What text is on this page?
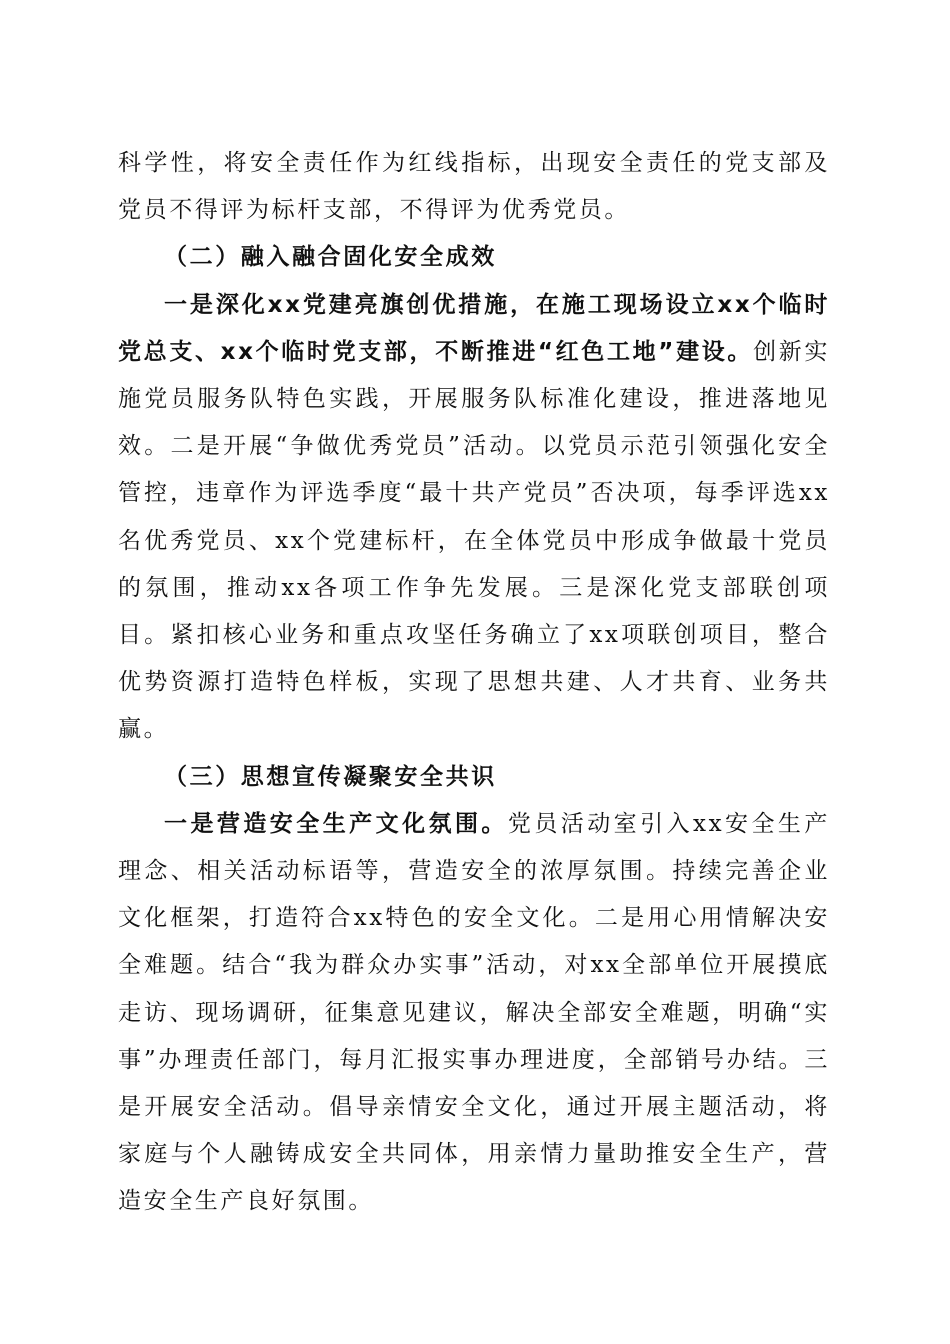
科学性，将安全责任作为红线指标，出现安全责任的党支部及党员不得评为标杆支部，不得评为优秀党员。

（二）融入融合固化安全成效

一是深化xx党建亮旗创优措施，在施工现场设立xx个临时党总支、xx个临时党支部，不断推进“红色工地”建设。创新实施党员服务队特色实践，开展服务队标准化建设，推进落地见效。二是开展“争做优秀党员”活动。以党员示范引领强化安全管控，违章作为评选季度“最十共产党员”否决项，每季评选xx名优秀党员、xx个党建标杆，在全体党员中形成争做最十党员的氛围，推动xx各项工作争先发展。三是深化党支部联创项目。紧扣核心业务和重点攻坚任务确立了xx项联创项目，整合优势资源打造特色样板，实现了思想共建、人才共育、业务共赢。

（三）思想宣传凝聚安全共识

一是营造安全生产文化氛围。党员活动室引入xx安全生产理念、相关活动标语等，营造安全的浓厚氛围。持续完善企业文化框架，打造符合xx特色的安全文化。二是用心用情解决安全难题。结合“我为群众办实事”活动，对xx全部单位开展摸底走访、现场调研，征集意见建议，解决全部安全难题，明确“实事”办理责任部门，每月汇报实事办理进度，全部销号办结。三是开展安全活动。倡导亲情安全文化，通过开展主题活动，将家庭与个人融铸成安全共同体，用亲情力量助推安全生产，营造安全生产良好氛围。
